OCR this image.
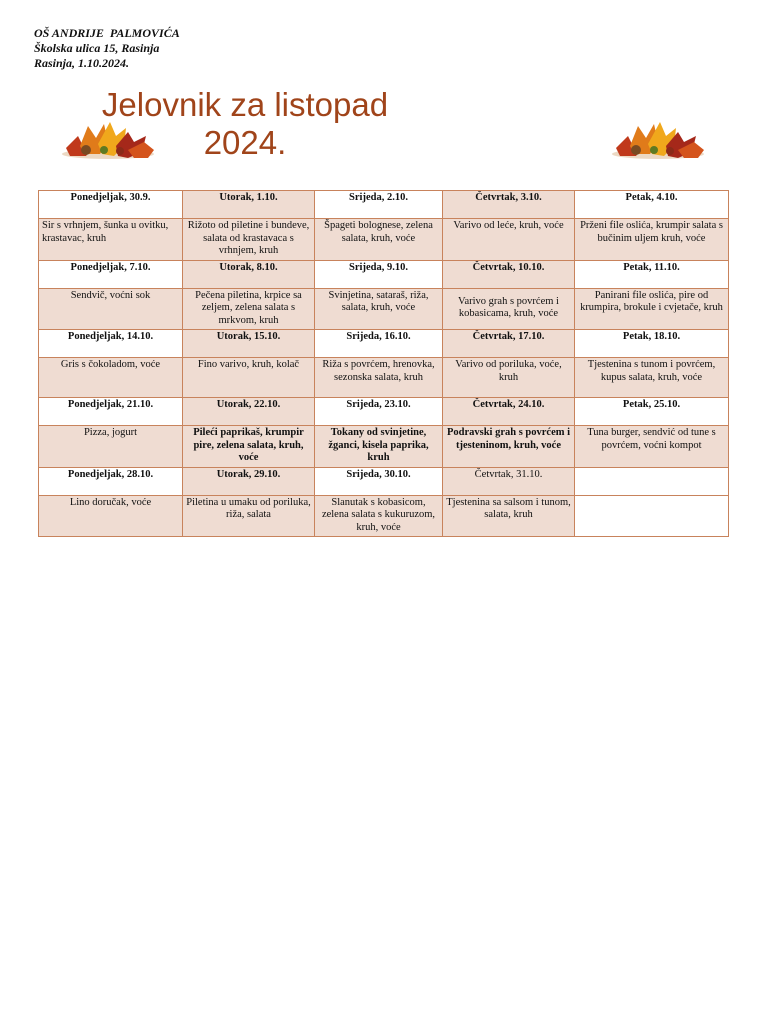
OŠ ANDRIJE  PALMOVIĆA
Školska ulica 15, Rasinja
Rasinja, 1.10.2024.
Jelovnik za listopad
2024.
Ponedjeljak, 30.9.	Utorak, 1.10.	Srijeda, 2.10.	Četvrtak, 3.10.	Petak, 4.10.
Sir s vrhnjem, šunka u ovitku, krastavac, kruh	Rižoto od piletine i bundeve, salata od krastavaca s vrhnjem, kruh	Špageti bolognese, zelena salata, kruh, voće	Varivo od leće, kruh, voće	Prženi file oslića, krumpir salata s bučinim uljem kruh, voće
Ponedjeljak, 7.10.	Utorak, 8.10.	Srijeda, 9.10.	Četvrtak, 10.10.	Petak, 11.10.
Sendvič, voćni sok	Pečena piletina, krpice sa zeljem, zelena salata s mrkvom, kruh	Svinjetina, sataraš, riža, salata, kruh, voće	Varivo grah s povrćem i kobasicama, kruh, voće	Panirani file oslića, pire od krumpira, brokule i cvjetače, kruh
Ponedjeljak, 14.10.	Utorak, 15.10.	Srijeda, 16.10.	Četvrtak, 17.10.	Petak, 18.10.
Gris s čokoladom, voće	Fino varivo, kruh, kolač	Riža s povrćem, hrenovka, sezonska salata, kruh	Varivo od poriluka, voće, kruh	Tjestenina s tunom i povrćem, kupus salata, kruh, voće
Ponedjeljak, 21.10.	Utorak, 22.10.	Srijeda, 23.10.	Četvrtak, 24.10.	Petak, 25.10.
Pizza, jogurt	Pileći paprikaš, krumpir pire, zelena salata, kruh, voće	Tokany od svinjetine, žganci, kisela paprika, kruh	Podravski grah s povrćem i tjesteninom, kruh, voće	Tuna burger, sendvić od tune s povrćem, voćni kompot
Ponedjeljak, 28.10.	Utorak, 29.10.	Srijeda, 30.10.	Četvrtak, 31.10.	
Lino doručak, voće	Piletina u umaku od poriluka, riža, salata	Slanutak s kobasicom, zelena salata s kukuruzom, kruh, voće	Tjestenina sa salsom i tunom, salata, kruh	
